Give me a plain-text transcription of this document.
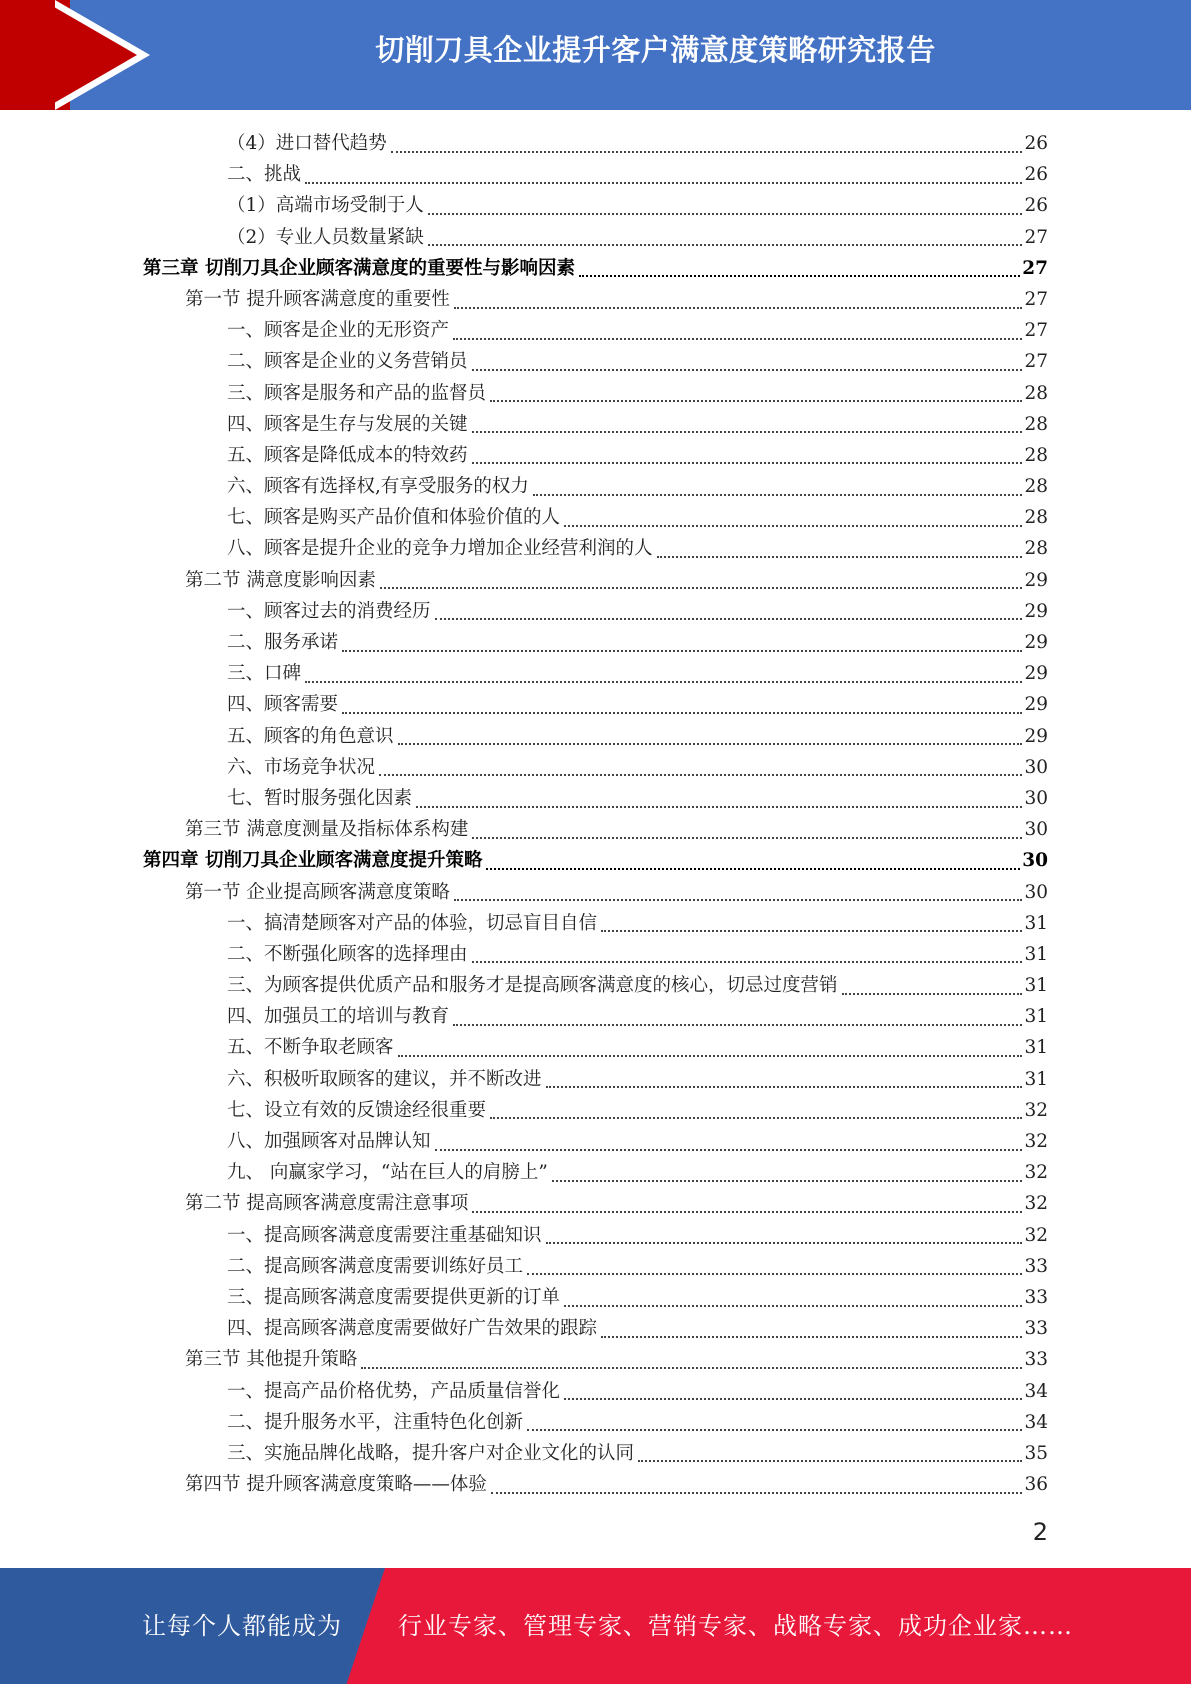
切削刀具企业提升客户满意度策略研究报告
（4）进口替代趋势	26
二、挑战	26
（1）高端市场受制于人	26
（2）专业人员数量紧缺	27
第三章 切削刀具企业顾客满意度的重要性与影响因素	27
第一节 提升顾客满意度的重要性	27
一、顾客是企业的无形资产	27
二、顾客是企业的义务营销员	27
三、顾客是服务和产品的监督员	28
四、顾客是生存与发展的关键	28
五、顾客是降低成本的特效药	28
六、顾客有选择权,有享受服务的权力	28
七、顾客是购买产品价值和体验价值的人	28
八、顾客是提升企业的竞争力增加企业经营利润的人	28
第二节 满意度影响因素	29
一、顾客过去的消费经历	29
二、服务承诺	29
三、口碑	29
四、顾客需要	29
五、顾客的角色意识	29
六、市场竞争状况	30
七、暂时服务强化因素	30
第三节 满意度测量及指标体系构建	30
第四章 切削刀具企业顾客满意度提升策略	30
第一节 企业提高顾客满意度策略	30
一、搞清楚顾客对产品的体验，切忌盲目自信	31
二、不断强化顾客的选择理由	31
三、为顾客提供优质产品和服务才是提高顾客满意度的核心，切忌过度营销	31
四、加强员工的培训与教育	31
五、不断争取老顾客	31
六、积极听取顾客的建议，并不断改进	31
七、设立有效的反馈途经很重要	32
八、加强顾客对品牌认知	32
九、 向赢家学习，“站在巨人的肩膀上”	32
第二节 提高顾客满意度需注意事项	32
一、提高顾客满意度需要注重基础知识	32
二、提高顾客满意度需要训练好员工	33
三、提高顾客满意度需要提供更新的订单	33
四、提高顾客满意度需要做好广告效果的跟踪	33
第三节 其他提升策略	33
一、提高产品价格优势，产品质量信誉化	34
二、提升服务水平，注重特色化创新	34
三、实施品牌化战略，提升客户对企业文化的认同	35
第四节 提升顾客满意度策略——体验	36
2
让每个人都能成为 行业专家、管理专家、营销专家、战略专家、成功企业家……
